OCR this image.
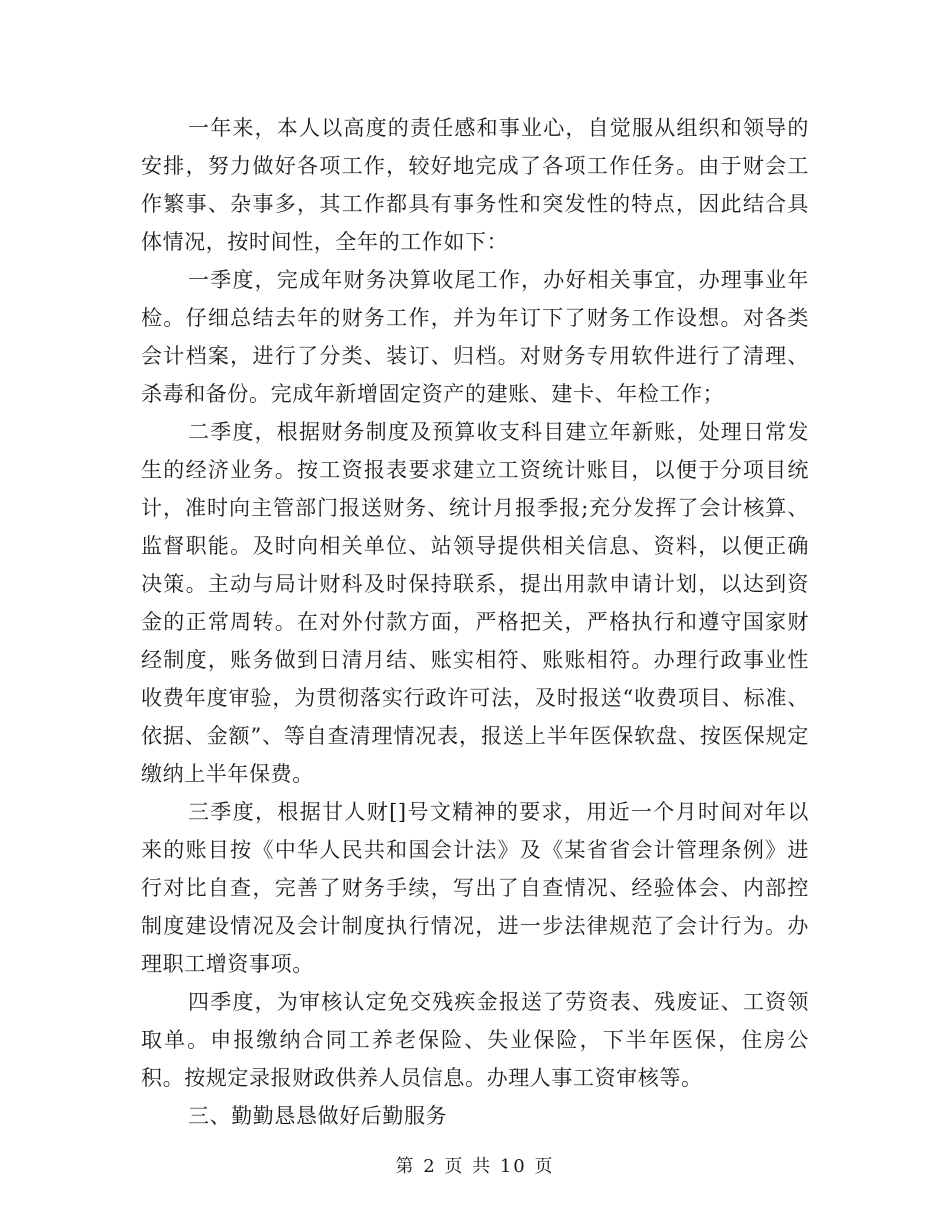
一年来，本人以高度的责任感和事业心，自觉服从组织和领导的安排，努力做好各项工作，较好地完成了各项工作任务。由于财会工作繁事、杂事多，其工作都具有事务性和突发性的特点，因此结合具体情况，按时间性，全年的工作如下：

一季度，完成年财务决算收尾工作，办好相关事宜，办理事业年检。仔细总结去年的财务工作，并为年订下了财务工作设想。对各类会计档案，进行了分类、装订、归档。对财务专用软件进行了清理、杀毒和备份。完成年新增固定资产的建账、建卡、年检工作；

二季度，根据财务制度及预算收支科目建立年新账，处理日常发生的经济业务。按工资报表要求建立工资统计账目，以便于分项目统计，准时向主管部门报送财务、统计月报季报;充分发挥了会计核算、监督职能。及时向相关单位、站领导提供相关信息、资料，以便正确决策。主动与局计财科及时保持联系，提出用款申请计划，以达到资金的正常周转。在对外付款方面，严格把关，严格执行和遵守国家财经制度，账务做到日清月结、账实相符、账账相符。办理行政事业性收费年度审验，为贯彻落实行政许可法，及时报送“收费项目、标准、依据、金额”、等自查清理情况表，报送上半年医保软盘、按医保规定缴纳上半年保费。

三季度，根据甘人财[]号文精神的要求，用近一个月时间对年以来的账目按《中华人民共和国会计法》及《某省省会计管理条例》进行对比自查，完善了财务手续，写出了自查情况、经验体会、内部控制度建设情况及会计制度执行情况，进一步法律规范了会计行为。办理职工增资事项。

四季度，为审核认定免交残疾金报送了劳资表、残废证、工资领取单。申报缴纳合同工养老保险、失业保险，下半年医保，住房公积。按规定录报财政供养人员信息。办理人事工资审核等。

三、勤勤恳恳做好后勤服务

第 2 页 共 10 页
